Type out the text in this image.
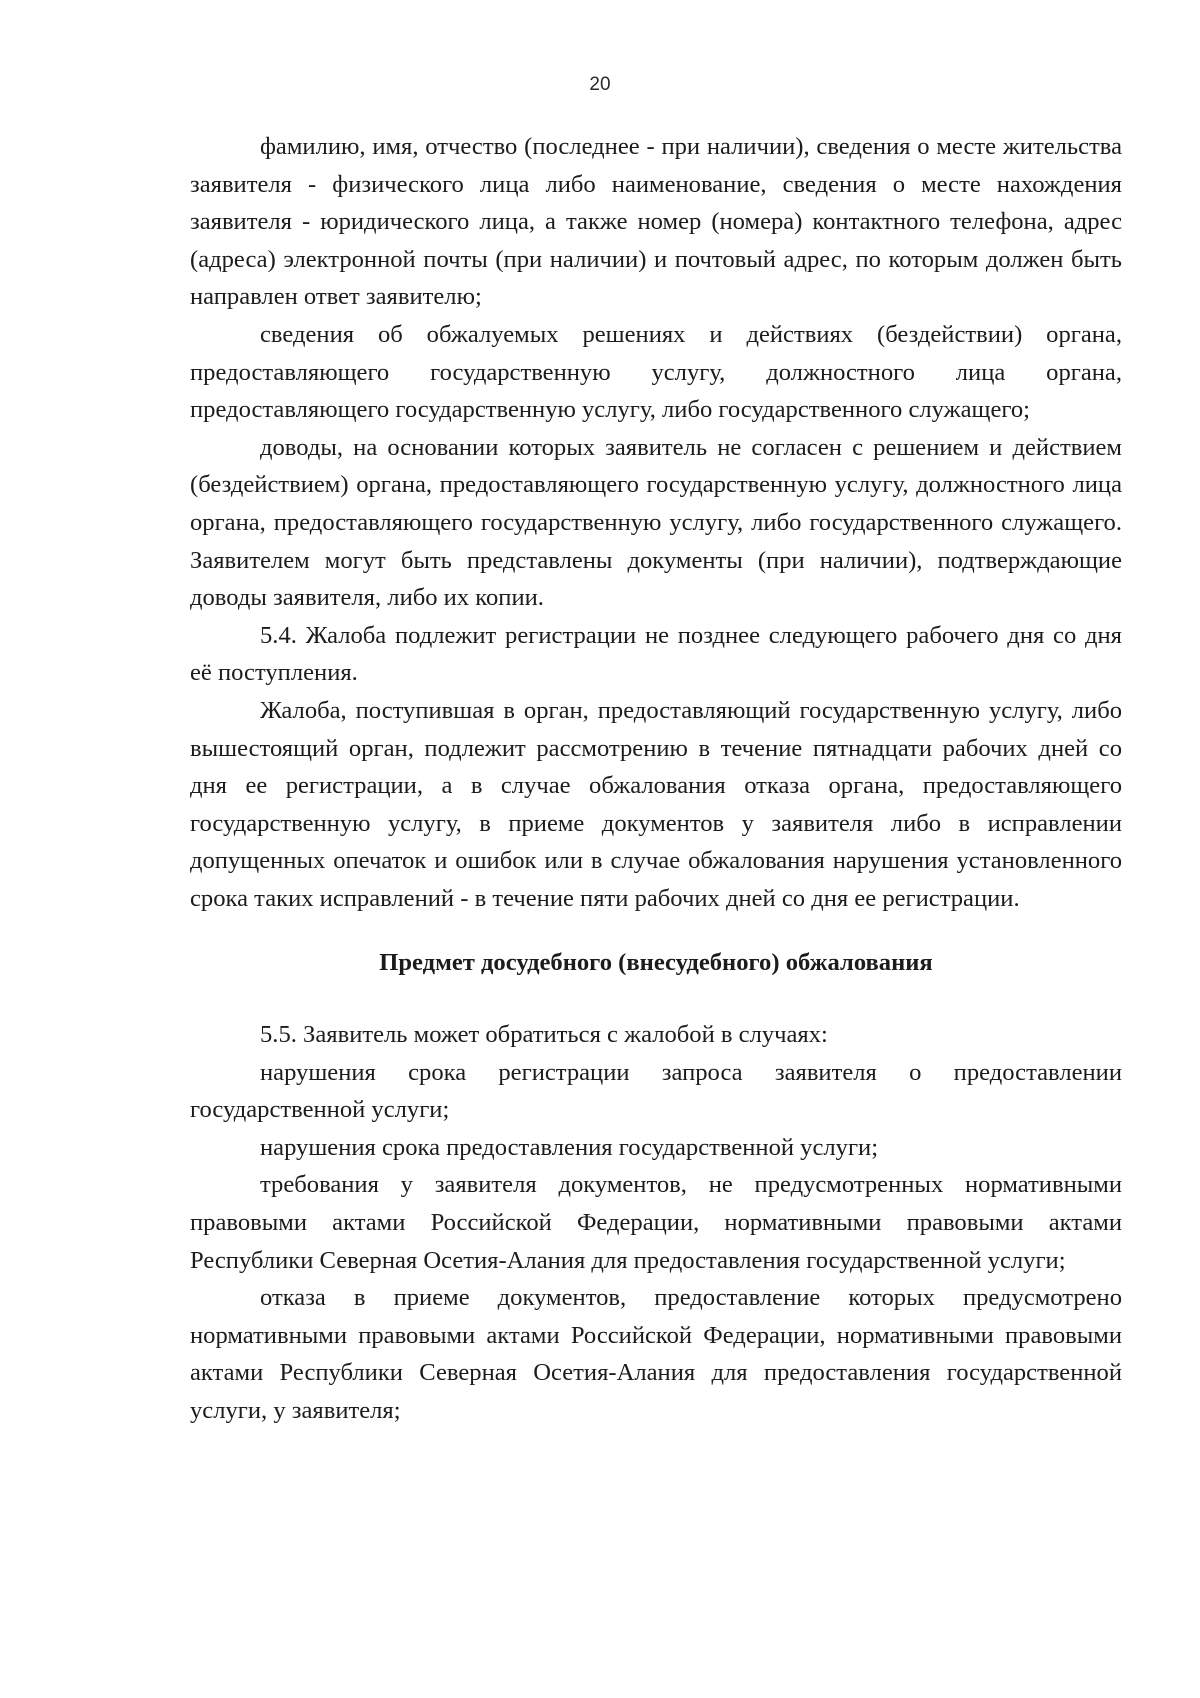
20

фамилию, имя, отчество (последнее - при наличии), сведения о месте жительства заявителя - физического лица либо наименование, сведения о месте нахождения заявителя - юридического лица, а также номер (номера) контактного телефона, адрес (адреса) электронной почты (при наличии) и почтовый адрес, по которым должен быть направлен ответ заявителю;

сведения об обжалуемых решениях и действиях (бездействии) органа, предоставляющего государственную услугу, должностного лица органа, предоставляющего государственную услугу, либо государственного служащего;

доводы, на основании которых заявитель не согласен с решением и действием (бездействием) органа, предоставляющего государственную услугу, должностного лица органа, предоставляющего государственную услугу, либо государственного служащего. Заявителем могут быть представлены документы (при наличии), подтверждающие доводы заявителя, либо их копии.

5.4. Жалоба подлежит регистрации не позднее следующего рабочего дня со дня её поступления.

Жалоба, поступившая в орган, предоставляющий государственную услугу, либо вышестоящий орган, подлежит рассмотрению в течение пятнадцати рабочих дней со дня ее регистрации, а в случае обжалования отказа органа, предоставляющего государственную услугу, в приеме документов у заявителя либо в исправлении допущенных опечаток и ошибок или в случае обжалования нарушения установленного срока таких исправлений - в течение пяти рабочих дней со дня ее регистрации.

Предмет досудебного (внесудебного) обжалования

5.5. Заявитель может обратиться с жалобой в случаях:

нарушения срока регистрации запроса заявителя о предоставлении государственной услуги;

нарушения срока предоставления государственной услуги;

требования у заявителя документов, не предусмотренных нормативными правовыми актами Российской Федерации, нормативными правовыми актами Республики Северная Осетия-Алания для предоставления государственной услуги;

отказа в приеме документов, предоставление которых предусмотрено нормативными правовыми актами Российской Федерации, нормативными правовыми актами Республики Северная Осетия-Алания для предоставления государственной услуги, у заявителя;
